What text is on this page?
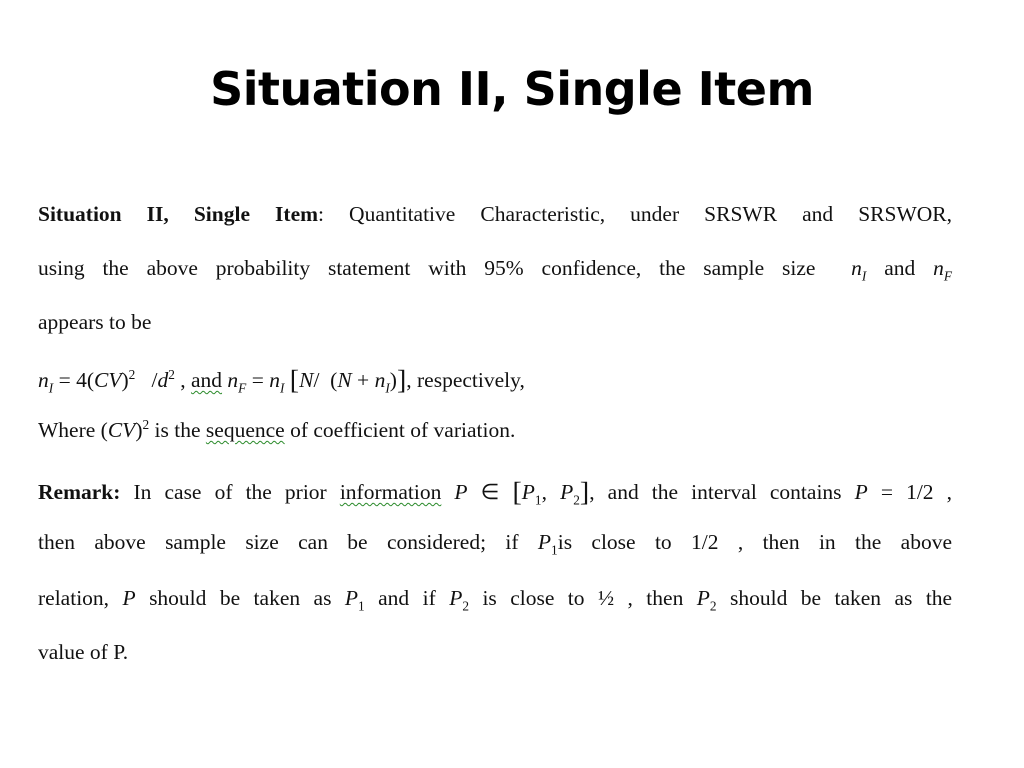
Situation II, Single Item
Situation II, Single Item: Quantitative Characteristic, under SRSWR and SRSWOR,
using the above probability statement with 95% confidence, the sample size $n_I$ and $n_F$
appears to be
$n_I = 4(CV)^2$   $/d^2$ , and $n_F = n_I$ [N/  $(N + n_I)$], respectively,
Where (CV)$^2$ is the sequence of coefficient of variation.
Remark: In case of the prior information P ∈ [$P_1$, $P_2$], and the interval contains P = 1/2 ,
then above sample size can be considered; if $P_1is$ close to 1/2 , then in the above
relation, P should be taken as $P_1$ and if $P_2$ is close to ½ , then $P_2$ should be taken as the
value of P.
